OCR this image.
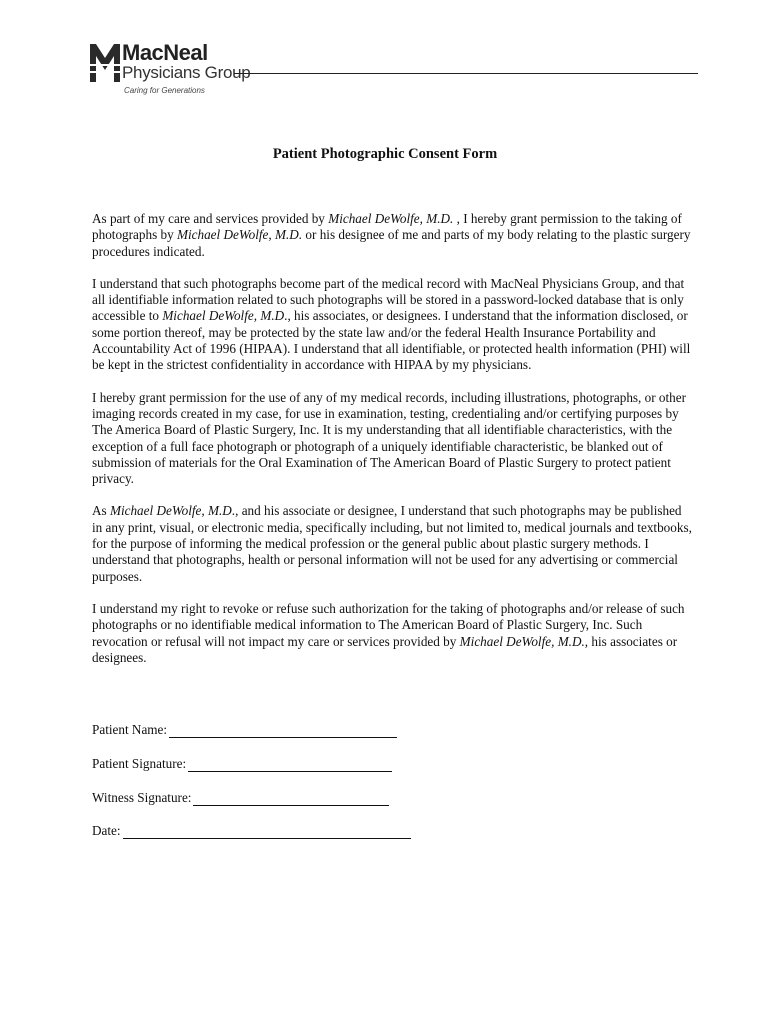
MacNeal
Physicians Group
Caring for Generations
Patient Photographic Consent Form

As part of my care and services provided by Michael DeWolfe, M.D. , I hereby grant permission to the taking of photographs by Michael DeWolfe, M.D. or his designee of me and parts of my body relating to the plastic surgery procedures indicated.

I understand that such photographs become part of the medical record with MacNeal Physicians Group, and that all identifiable information related to such photographs will be stored in a password-locked database that is only accessible to Michael DeWolfe, M.D., his associates, or designees. I understand that the information disclosed, or some portion thereof, may be protected by the state law and/or the federal Health Insurance Portability and Accountability Act of 1996 (HIPAA). I understand that all identifiable, or protected health information (PHI) will be kept in the strictest confidentiality in accordance with HIPAA by my physicians.

I hereby grant permission for the use of any of my medical records, including illustrations, photographs, or other imaging records created in my case, for use in examination, testing, credentialing and/or certifying purposes by The America Board of Plastic Surgery, Inc. It is my understanding that all identifiable characteristics, with the exception of a full face photograph or photograph of a uniquely identifiable characteristic, be blanked out of submission of materials for the Oral Examination of The American Board of Plastic Surgery to protect patient privacy.

As Michael DeWolfe, M.D., and his associate or designee, I understand that such photographs may be published in any print, visual, or electronic media, specifically including, but not limited to, medical journals and textbooks, for the purpose of informing the medical profession or the general public about plastic surgery methods. I understand that photographs, health or personal information will not be used for any advertising or commercial purposes.

I understand my right to revoke or refuse such authorization for the taking of photographs and/or release of such photographs or no identifiable medical information to The American Board of Plastic Surgery, Inc. Such revocation or refusal will not impact my care or services provided by Michael DeWolfe, M.D., his associates or designees.

Patient Name:
Patient Signature:
Witness Signature:
Date:
